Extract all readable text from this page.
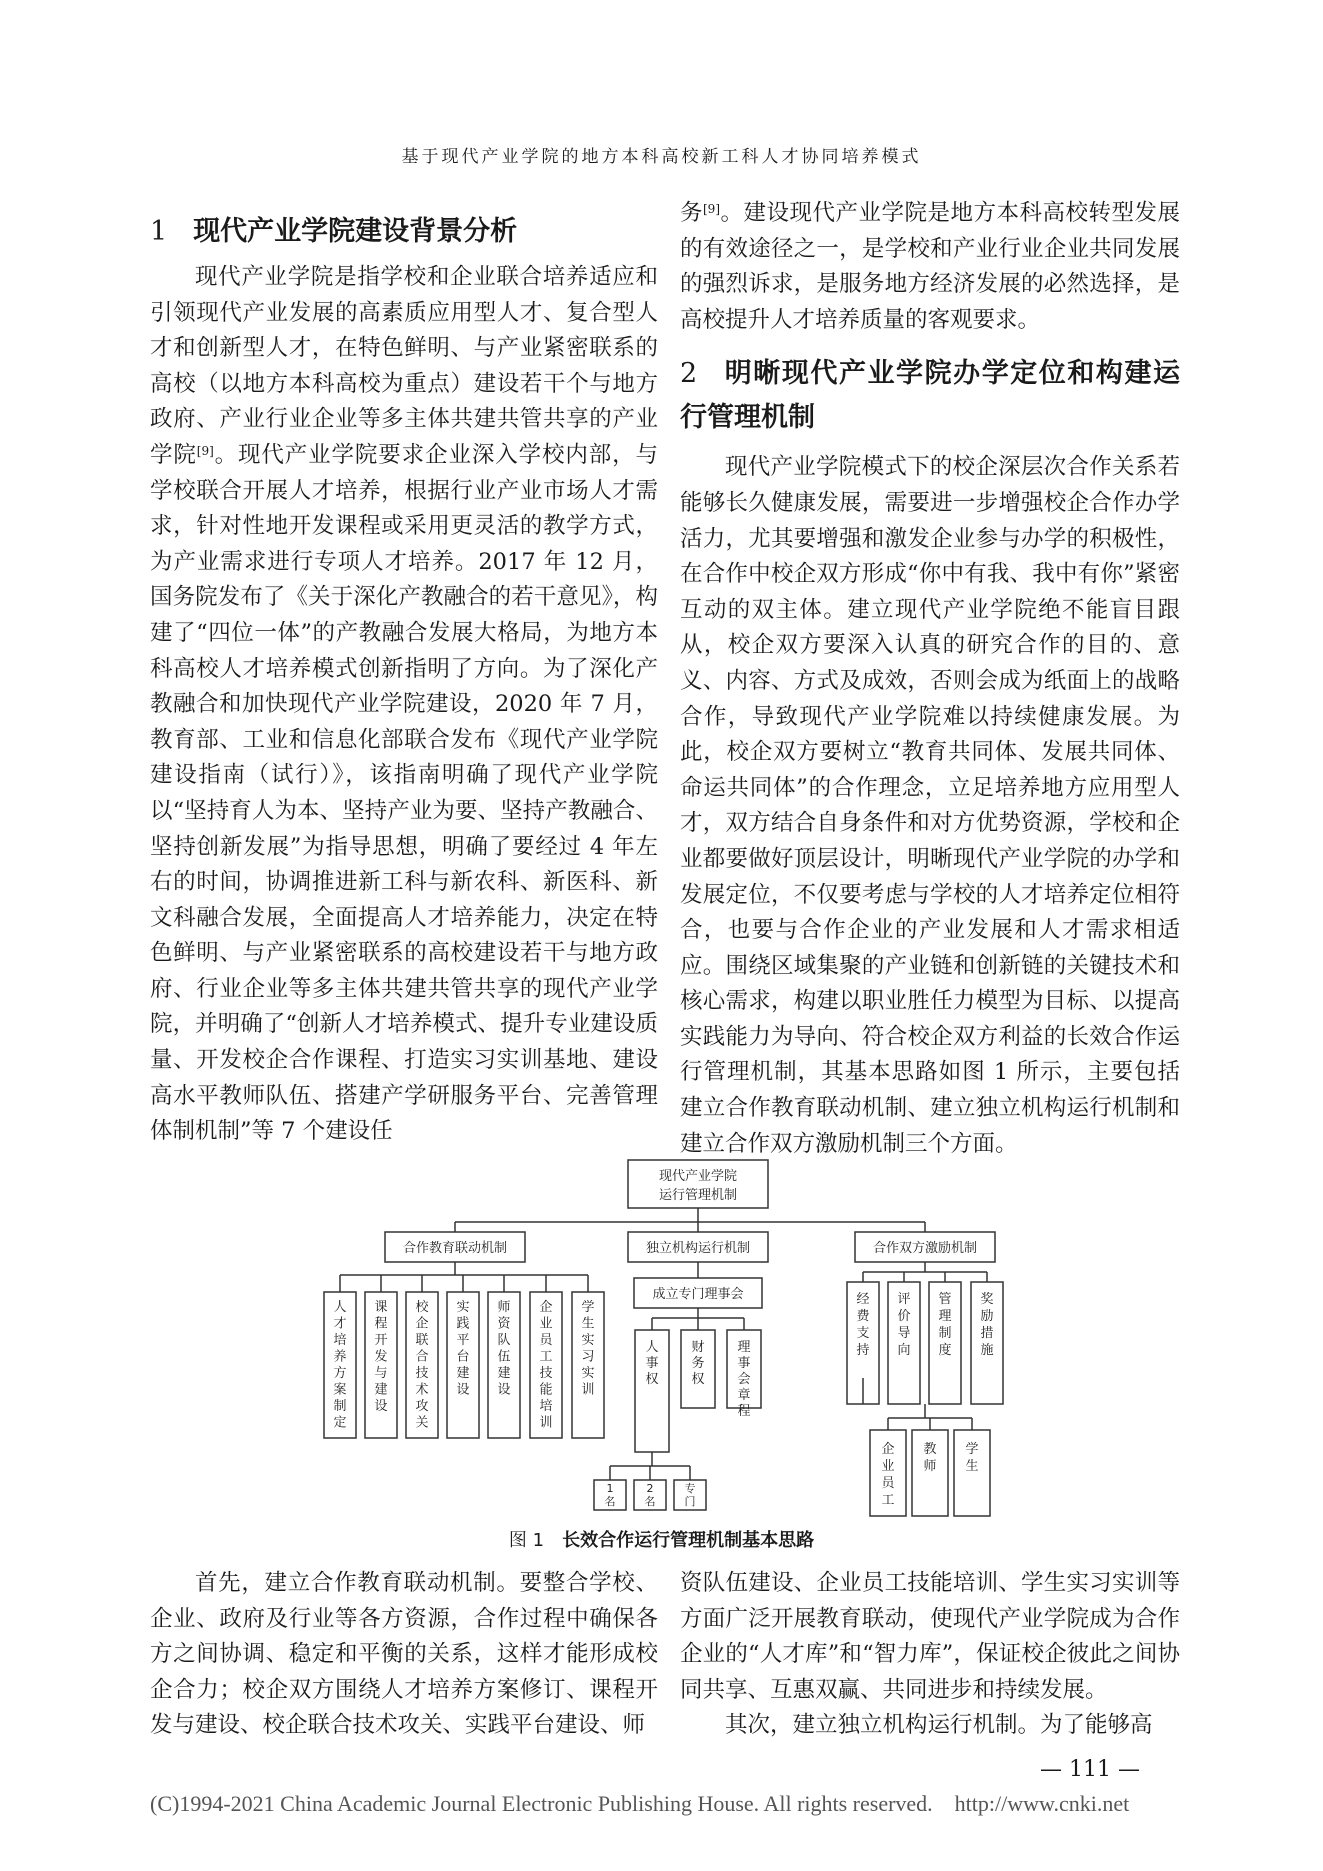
基于现代产业学院的地方本科高校新工科人才协同培养模式

1 现代产业学院建设背景分析

现代产业学院是指学校和企业联合培养适应和引领现代产业发展的高素质应用型人才、复合型人才和创新型人才，在特色鲜明、与产业紧密联系的高校（以地方本科高校为重点）建设若干个与地方政府、产业行业企业等多主体共建共管共享的产业学院[9]。现代产业学院要求企业深入学校内部，与学校联合开展人才培养，根据行业产业市场人才需求，针对性地开发课程或采用更灵活的教学方式，为产业需求进行专项人才培养。2017 年 12 月，国务院发布了《关于深化产教融合的若干意见》，构建了“四位一体”的产教融合发展大格局，为地方本科高校人才培养模式创新指明了方向。为了深化产教融合和加快现代产业学院建设，2020 年 7 月，教育部、工业和信息化部联合发布《现代产业学院建设指南（试行）》，该指南明确了现代产业学院以“坚持育人为本、坚持产业为要、坚持产教融合、坚持创新发展”为指导思想，明确了要经过 4 年左右的时间，协调推进新工科与新农科、新医科、新文科融合发展，全面提高人才培养能力，决定在特色鲜明、与产业紧密联系的高校建设若干与地方政府、行业企业等多主体共建共管共享的现代产业学院，并明确了“创新人才培养模式、提升专业建设质量、开发校企合作课程、打造实习实训基地、建设高水平教师队伍、搭建产学研服务平台、完善管理体制机制”等 7 个建设任

务[9]。建设现代产业学院是地方本科高校转型发展的有效途径之一，是学校和产业行业企业共同发展的强烈诉求，是服务地方经济发展的必然选择，是高校提升人才培养质量的客观要求。

2 明晰现代产业学院办学定位和构建运行管理机制

现代产业学院模式下的校企深层次合作关系若能够长久健康发展，需要进一步增强校企合作办学活力，尤其要增强和激发企业参与办学的积极性，在合作中校企双方形成“你中有我、我中有你”紧密互动的双主体。建立现代产业学院绝不能盲目跟从，校企双方要深入认真的研究合作的目的、意义、内容、方式及成效，否则会成为纸面上的战略合作，导致现代产业学院难以持续健康发展。为此，校企双方要树立“教育共同体、发展共同体、命运共同体”的合作理念，立足培养地方应用型人才，双方结合自身条件和对方优势资源，学校和企业都要做好顶层设计，明晰现代产业学院的办学和发展定位，不仅要考虑与学校的人才培养定位相符合，也要与合作企业的产业发展和人才需求相适应。围绕区域集聚的产业链和创新链的关键技术和核心需求，构建以职业胜任力模型为目标、以提高实践能力为导向、符合校企双方利益的长效合作运行管理机制，其基本思路如图 1 所示，主要包括建立合作教育联动机制、建立独立机构运行机制和建立合作双方激励机制三个方面。

现代产业学院
运行管理机制
合作教育联动机制	独立机构运行机制	合作双方激励机制
人
才
培
养
方
案
制
定
课
程
开
发
与
建
设
校
企
联
合
技
术
攻
关
实
践
平
台
建
设
师
资
队
伍
建
设
企
业
员
工
技
能
培
训
学
生
实
习
实
训
成立专门理事会
人
事
权
财
务
权
理
事
会
章
程
1
名
2
名
专
门
经
费
支
持
评
价
导
向
管
理
制
度
奖
励
措
施
企
业
员
工
教
师
学
生
图 1 长效合作运行管理机制基本思路

首先，建立合作教育联动机制。要整合学校、企业、政府及行业等各方资源，合作过程中确保各方之间协调、稳定和平衡的关系，这样才能形成校企合力；校企双方围绕人才培养方案修订、课程开发与建设、校企联合技术攻关、实践平台建设、师

资队伍建设、企业员工技能培训、学生实习实训等方面广泛开展教育联动，使现代产业学院成为合作企业的“人才库”和“智力库”，保证校企彼此之间协同共享、互惠双赢、共同进步和持续发展。

其次，建立独立机构运行机制。为了能够高

— 111 —
(C)1994-2021 China Academic Journal Electronic Publishing House. All rights reserved.    http://www.cnki.net
